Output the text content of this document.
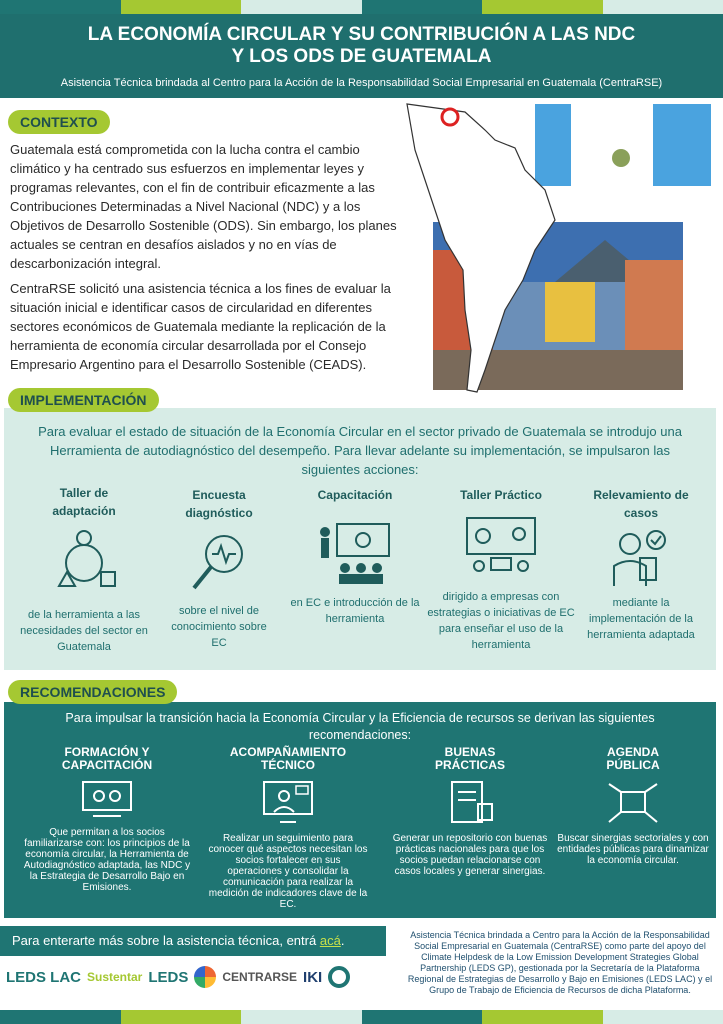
LA ECONOMÍA CIRCULAR Y SU CONTRIBUCIÓN A LAS NDC
Y LOS ODS DE GUATEMALA

Asistencia Técnica brindada al Centro para la Acción de la Responsabilidad Social Empresarial en Guatemala (CentraRSE)

CONTEXTO

Guatemala está comprometida con la lucha contra el cambio climático y ha centrado sus esfuerzos en implementar leyes y programas relevantes, con el fin de contribuir eficazmente a las Contribuciones Determinadas a Nivel Nacional (NDC) y a los Objetivos de Desarrollo Sostenible (ODS). Sin embargo, los planes actuales se centran en desafíos aislados y no en vías de descarbonización integral.

CentraRSE solicitó una asistencia técnica a los fines de evaluar la situación inicial e identificar casos de circularidad en diferentes sectores económicos de Guatemala mediante la replicación de la herramienta de economía circular desarrollada por el Consejo Empresario Argentino para el Desarrollo Sostenible (CEADS).

IMPLEMENTACIÓN
Para evaluar el estado de situación de la Economía Circular en el sector privado de Guatemala se introdujo una Herramienta de autodiagnóstico del desempeño. Para llevar adelante su implementación, se impulsaron las siguientes acciones:
Taller de adaptación
de la herramienta a las necesidades del sector en Guatemala
Encuesta diagnóstico
sobre el nivel de conocimiento sobre EC
Capacitación
en EC e introducción de la herramienta
Taller Práctico
dirigido a empresas con estrategias o iniciativas de EC para enseñar el uso de la herramienta
Relevamiento de casos
mediante la implementación de la herramienta adaptada
RECOMENDACIONES
Para impulsar la transición hacia la Economía Circular y la Eficiencia de recursos se derivan las siguientes recomendaciones:
FORMACIÓN Y CAPACITACIÓN
Que permitan a los socios familiarizarse con: los principios de la economía circular, la Herramienta de Autodiagnóstico adaptada, las NDC y la Estrategia de Desarrollo Bajo en Emisiones.
ACOMPAÑAMIENTO TÉCNICO
Realizar un seguimiento para conocer qué aspectos necesitan los socios fortalecer en sus operaciones y consolidar la comunicación para realizar la medición de indicadores clave de la EC.
BUENAS PRÁCTICAS
Generar un repositorio con buenas prácticas nacionales para que los socios puedan relacionarse con casos locales y generar sinergias.
AGENDA PÚBLICA
Buscar sinergias sectoriales y con entidades públicas para dinamizar la economía circular.
Para enterarte más sobre la asistencia técnica, entrá acá.	Asistencia Técnica brindada a Centro para la Acción de la Responsabilidad Social Empresarial en Guatemala (CentraRSE) como parte del apoyo del Climate Helpdesk de la Low Emission Development Strategies Global Partnership (LEDS GP), gestionada por la Secretaría de la Plataforma Regional de Estrategias de Desarrollo y Bajo en Emisiones (LEDS LAC) y el Grupo de Trabajo de Eficiencia de Recursos de dicha Plataforma.
LEDS LAC Sustentar LEDS	CENTRARSE IKI
